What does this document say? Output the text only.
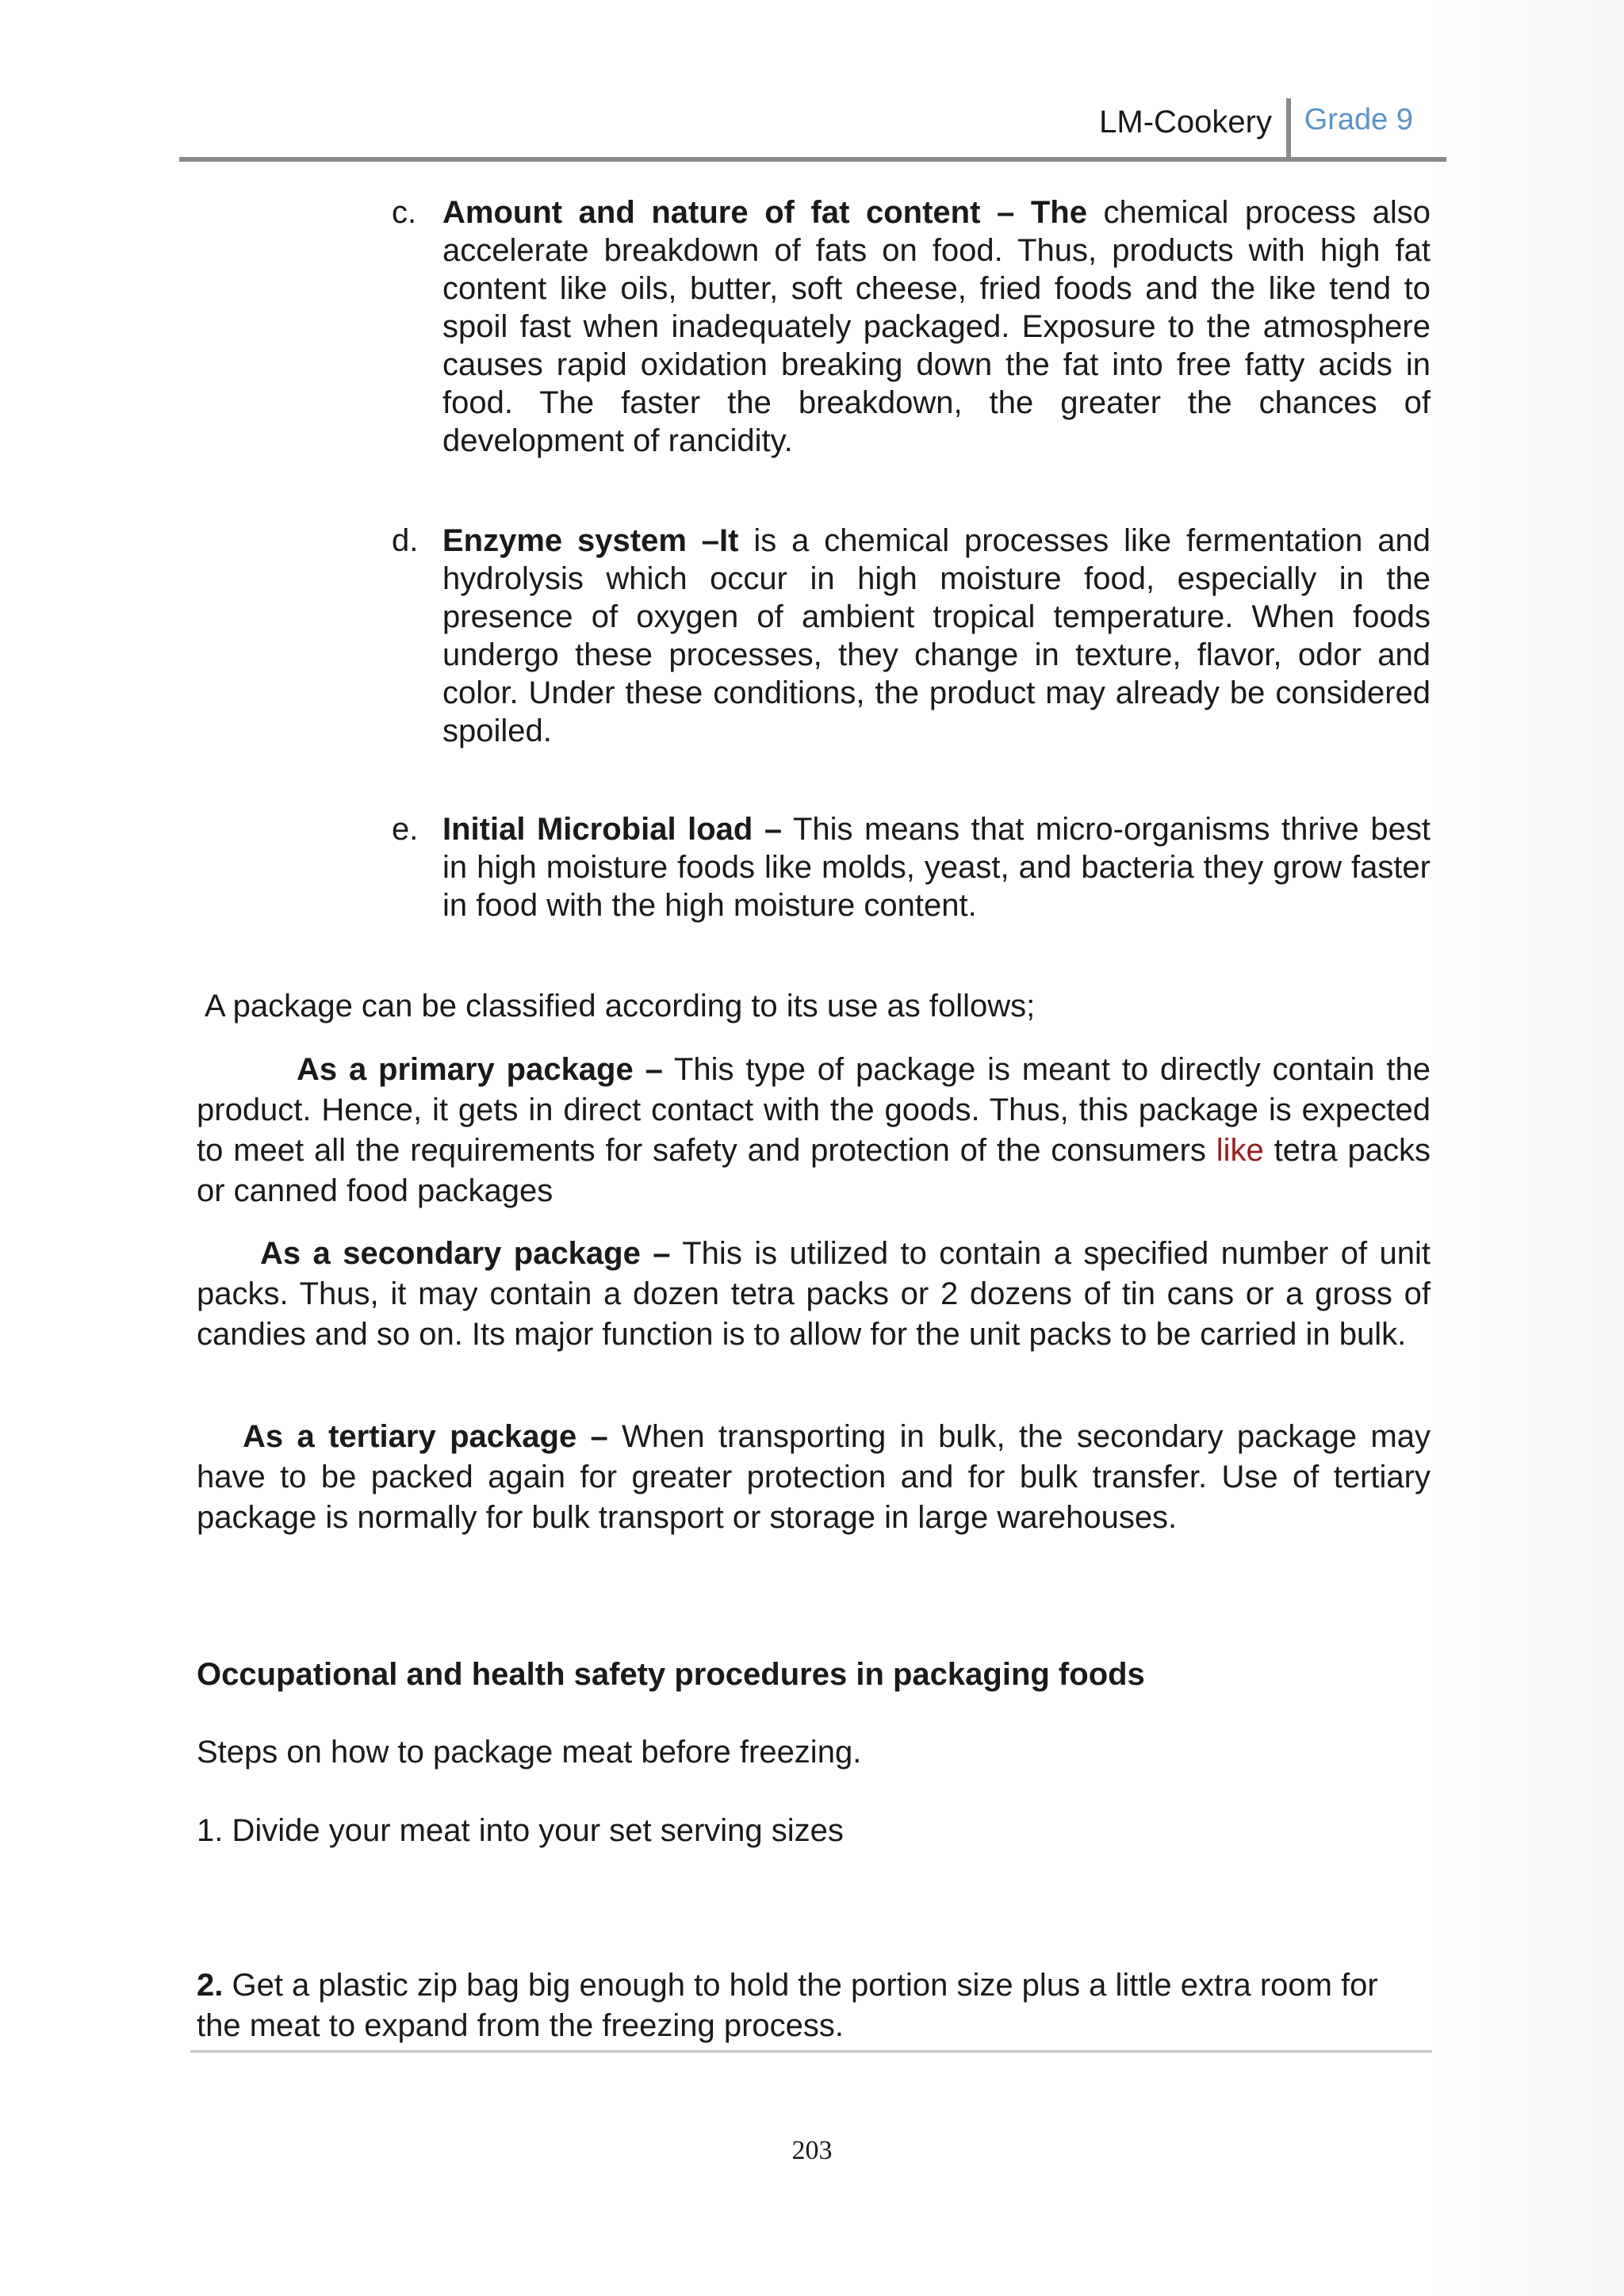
LM-Cookery Grade 9
c. Amount and nature of fat content – The chemical process also accelerate breakdown of fats on food. Thus, products with high fat content like oils, butter, soft cheese, fried foods and the like tend to spoil fast when inadequately packaged. Exposure to the atmosphere causes rapid oxidation breaking down the fat into free fatty acids in food. The faster the breakdown, the greater the chances of development of rancidity.
d. Enzyme system –It is a chemical processes like fermentation and hydrolysis which occur in high moisture food, especially in the presence of oxygen of ambient tropical temperature. When foods undergo these processes, they change in texture, flavor, odor and color. Under these conditions, the product may already be considered spoiled.
e. Initial Microbial load – This means that micro-organisms thrive best in high moisture foods like molds, yeast, and bacteria they grow faster in food with the high moisture content.
A package can be classified according to its use as follows;
As a primary package – This type of package is meant to directly contain the product. Hence, it gets in direct contact with the goods. Thus, this package is expected to meet all the requirements for safety and protection of the consumers like tetra packs or canned food packages
As a secondary package – This is utilized to contain a specified number of unit packs. Thus, it may contain a dozen tetra packs or 2 dozens of tin cans or a gross of candies and so on. Its major function is to allow for the unit packs to be carried in bulk.
As a tertiary package – When transporting in bulk, the secondary package may have to be packed again for greater protection and for bulk transfer. Use of tertiary package is normally for bulk transport or storage in large warehouses.
Occupational and health safety procedures in packaging foods
Steps on how to package meat before freezing.
1. Divide your meat into your set serving sizes
2. Get a plastic zip bag big enough to hold the portion size plus a little extra room for the meat to expand from the freezing process.
203
